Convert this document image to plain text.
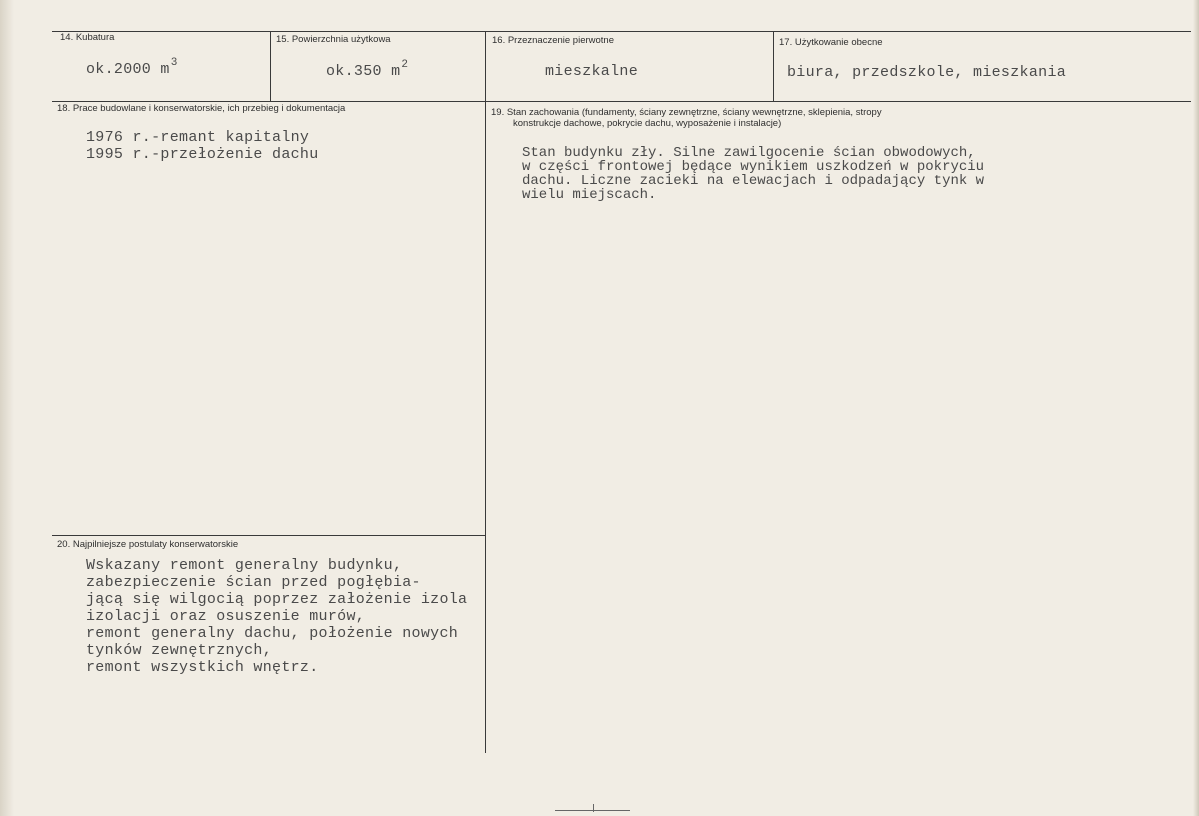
14. Kubatura
ok.2000 $m^3$
15. Powierzchnia użytkowa
ok.350 $m^2$
16. Przeznaczenie pierwotne
mieszkalne
17. Użytkowanie obecne
biura, przedszkole, mieszkania
18. Prace budowlane i konserwatorskie, ich przebieg i dokumentacja
1976 r.-remant kapitalny
1995 r.-przełożenie dachu
19. Stan zachowania (fundamenty, ściany zewnętrzne, ściany wewnętrzne, sklepienia, stropy
konstrukcje dachowe, pokrycie dachu, wyposażenie i instalacje)
Stan budynku zły. Silne zawilgocenie ścian obwodowych,
w części frontowej będące wynikiem uszkodzeń w pokryciu
dachu. Liczne zacieki na elewacjach i odpadający tynk w
wielu miejscach.
20. Najpilniejsze postulaty konserwatorskie
Wskazany remont generalny budynku,
zabezpieczenie ścian przed pogłębia-
jącą się wilgocią poprzez założenie izola
izolacji oraz osuszenie murów,
remont generalny dachu, położenie nowych
tynków zewnętrznych,
remont wszystkich wnętrz.
